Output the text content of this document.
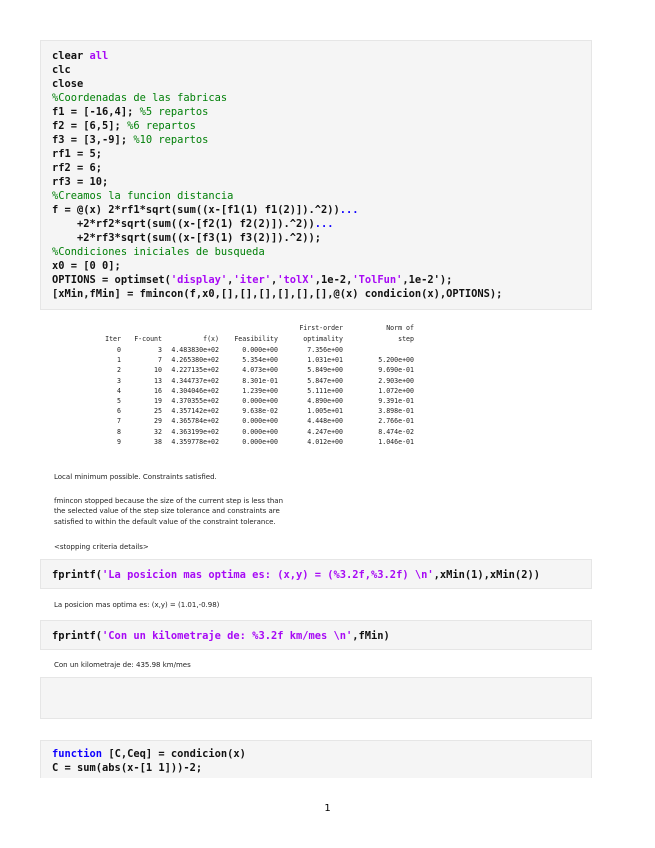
clear all
clc
close
%Coordenadas de las fabricas
f1 = [-16,4]; %5 repartos
f2 = [6,5]; %6 repartos
f3 = [3,-9]; %10 repartos
rf1 = 5;
rf2 = 6;
rf3 = 10;
%Creamos la funcion distancia
f = @(x) 2*rf1*sqrt(sum((x-[f1(1) f1(2)]).^2))...
+2*rf2*sqrt(sum((x-[f2(1) f2(2)]).^2))...
+2*rf3*sqrt(sum((x-[f3(1) f3(2)]).^2));
%Condiciones iniciales de busqueda
x0 = [0 0];
OPTIONS = optimset('display','iter','tolX',1e-2,'TolFun',1e-2');
[xMin,fMin] = fmincon(f,x0,[],[],[],[],[],[],@(x) condicion(x),OPTIONS);
First-order	Norm of
Iter F-count	f(x) Feasibility	optimality	step
0	3 4.483830e+02	0.000e+00	7.356e+00
1	7 4.265380e+02	5.354e+00	1.031e+01	5.200e+00
2	10 4.227135e+02	4.073e+00	5.849e+00	9.690e-01
3	13 4.344737e+02	8.301e-01	5.847e+00	2.903e+00
4	16 4.304046e+02	1.239e+00	5.111e+00	1.072e+00
5	19 4.370355e+02	0.000e+00	4.890e+00	9.391e-01
6	25 4.357142e+02	9.638e-02	1.005e+01	3.898e-01
7	29 4.365784e+02	0.000e+00	4.448e+00	2.766e-01
8	32 4.363199e+02	0.000e+00	4.247e+00	8.474e-02
9	38 4.359778e+02	0.000e+00	4.012e+00	1.046e-01
Local minimum possible. Constraints satisfied.
fmincon stopped because the size of the current step is less than
the selected value of the step size tolerance and constraints are
satisfied to within the default value of the constraint tolerance.
<stopping criteria details>
fprintf('La posicion mas optima es: (x,y) = (%3.2f,%3.2f) \n',xMin(1),xMin(2))
La posicion mas optima es: (x,y) = (1.01,-0.98)
fprintf('Con un kilometraje de: %3.2f km/mes \n',fMin)
Con un kilometraje de: 435.98 km/mes
function [C,Ceq] = condicion(x)
C = sum(abs(x-[1 1]))-2;
1
